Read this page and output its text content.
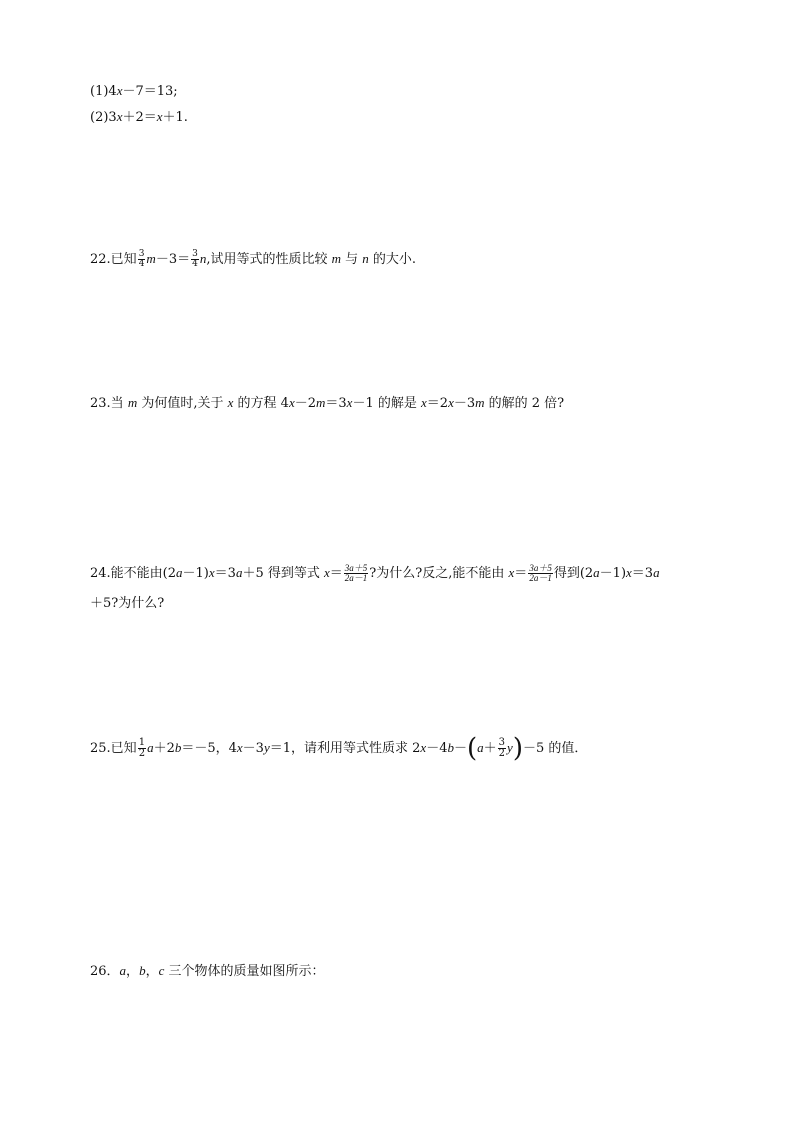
(1)4x－7＝13;
(2)3x＋2＝x＋1.
22.已知 $\frac{3}{4} m-3= \frac{3}{4} n$,试用等式的性质比较 m 与 n 的大小.
23.当 m 为何值时,关于 x 的方程 4x－2m＝3x－1 的解是 x＝2x－3m 的解的 2 倍?
24.能不能由(2a－1)x＝3a＋5 得到等式 $x= \frac{3a+5}{2a-1}$ ?为什么?反之,能不能由 $x= \frac{3a+5}{2a-1}$ 得到(2a－1)x＝3a
＋5?为什么?
25.已知 $\frac{1}{2} a+2b=-5$，4x－3y＝1，请利用等式性质求 $2x-4b-(a+ \frac{3}{2} y)-5$ 的值．
26．a，b，c 三个物体的质量如图所示：
